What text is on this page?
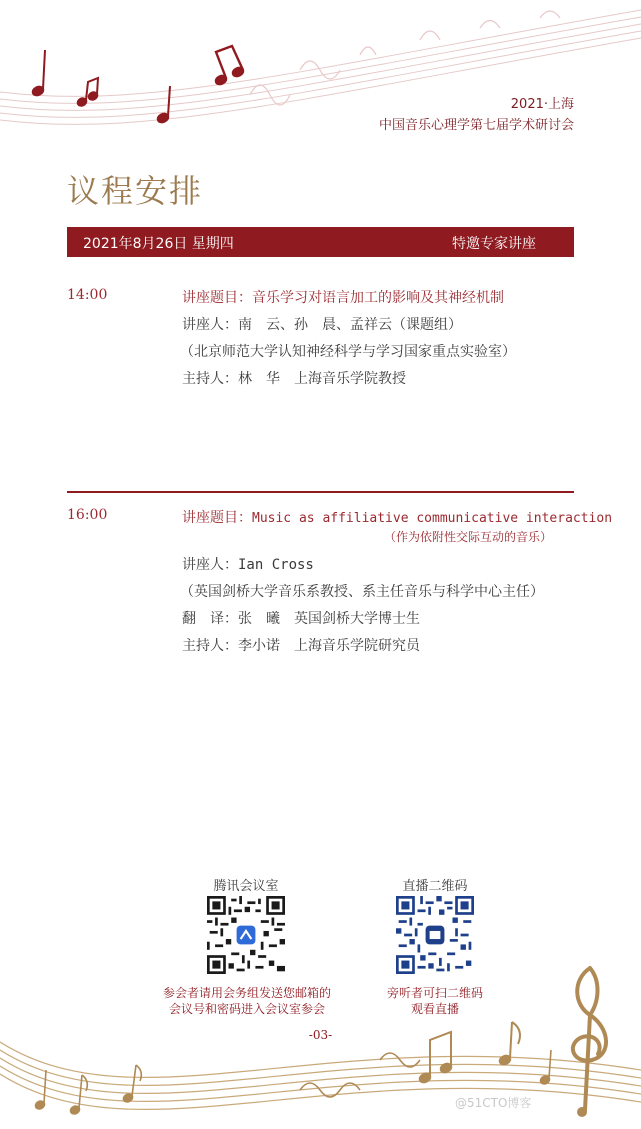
2021·上海
中国音乐心理学第七届学术研讨会
议程安排
2021年8月26日 星期四	特邀专家讲座
14:00	讲座题目：音乐学习对语言加工的影响及其神经机制
讲座人：南　云、孙　晨、孟祥云（课题组）
（北京师范大学认知神经科学与学习国家重点实验室）
主持人：林　华　上海音乐学院教授
16:00	讲座题目：Music as affiliative communicative interaction
（作为依附性交际互动的音乐）
讲座人：Ian Cross
（英国剑桥大学音乐系教授、系主任音乐与科学中心主任）
翻　译：张　曦　英国剑桥大学博士生
主持人：李小诺　上海音乐学院研究员
腾讯会议室
参会者请用会务组发送您邮箱的
会议号和密码进入会议室参会
直播二维码
旁听者可扫二维码
观看直播
-03-
@51CTO博客
